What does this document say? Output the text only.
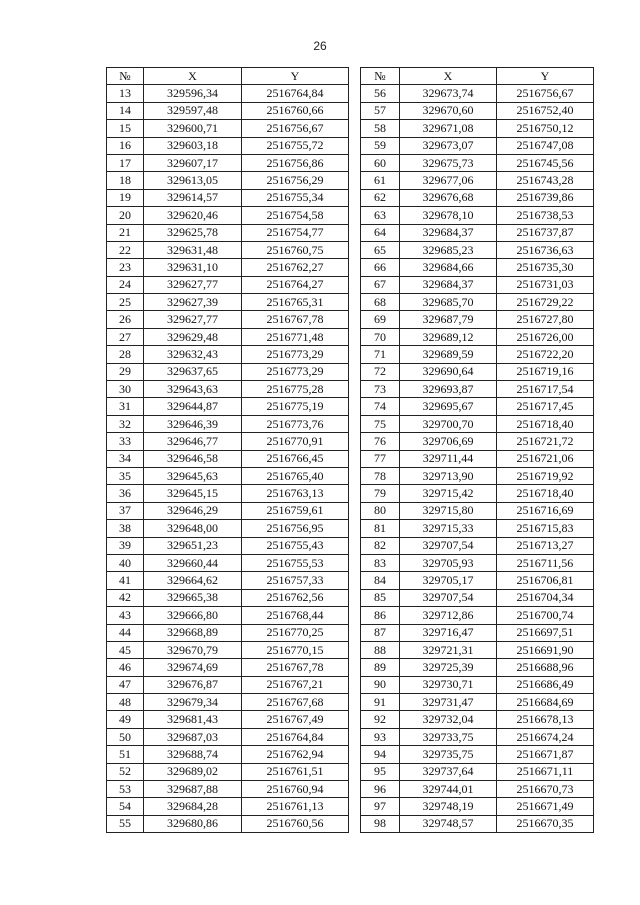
26
№	X	Y		№	X	Y
13	329596,34	2516764,84		56	329673,74	2516756,67
14	329597,48	2516760,66		57	329670,60	2516752,40
15	329600,71	2516756,67		58	329671,08	2516750,12
16	329603,18	2516755,72		59	329673,07	2516747,08
17	329607,17	2516756,86		60	329675,73	2516745,56
18	329613,05	2516756,29		61	329677,06	2516743,28
19	329614,57	2516755,34		62	329676,68	2516739,86
20	329620,46	2516754,58		63	329678,10	2516738,53
21	329625,78	2516754,77		64	329684,37	2516737,87
22	329631,48	2516760,75		65	329685,23	2516736,63
23	329631,10	2516762,27		66	329684,66	2516735,30
24	329627,77	2516764,27		67	329684,37	2516731,03
25	329627,39	2516765,31		68	329685,70	2516729,22
26	329627,77	2516767,78		69	329687,79	2516727,80
27	329629,48	2516771,48		70	329689,12	2516726,00
28	329632,43	2516773,29		71	329689,59	2516722,20
29	329637,65	2516773,29		72	329690,64	2516719,16
30	329643,63	2516775,28		73	329693,87	2516717,54
31	329644,87	2516775,19		74	329695,67	2516717,45
32	329646,39	2516773,76		75	329700,70	2516718,40
33	329646,77	2516770,91		76	329706,69	2516721,72
34	329646,58	2516766,45		77	329711,44	2516721,06
35	329645,63	2516765,40		78	329713,90	2516719,92
36	329645,15	2516763,13		79	329715,42	2516718,40
37	329646,29	2516759,61		80	329715,80	2516716,69
38	329648,00	2516756,95		81	329715,33	2516715,83
39	329651,23	2516755,43		82	329707,54	2516713,27
40	329660,44	2516755,53		83	329705,93	2516711,56
41	329664,62	2516757,33		84	329705,17	2516706,81
42	329665,38	2516762,56		85	329707,54	2516704,34
43	329666,80	2516768,44		86	329712,86	2516700,74
44	329668,89	2516770,25		87	329716,47	2516697,51
45	329670,79	2516770,15		88	329721,31	2516691,90
46	329674,69	2516767,78		89	329725,39	2516688,96
47	329676,87	2516767,21		90	329730,71	2516686,49
48	329679,34	2516767,68		91	329731,47	2516684,69
49	329681,43	2516767,49		92	329732,04	2516678,13
50	329687,03	2516764,84		93	329733,75	2516674,24
51	329688,74	2516762,94		94	329735,75	2516671,87
52	329689,02	2516761,51		95	329737,64	2516671,11
53	329687,88	2516760,94		96	329744,01	2516670,73
54	329684,28	2516761,13		97	329748,19	2516671,49
55	329680,86	2516760,56		98	329748,57	2516670,35
